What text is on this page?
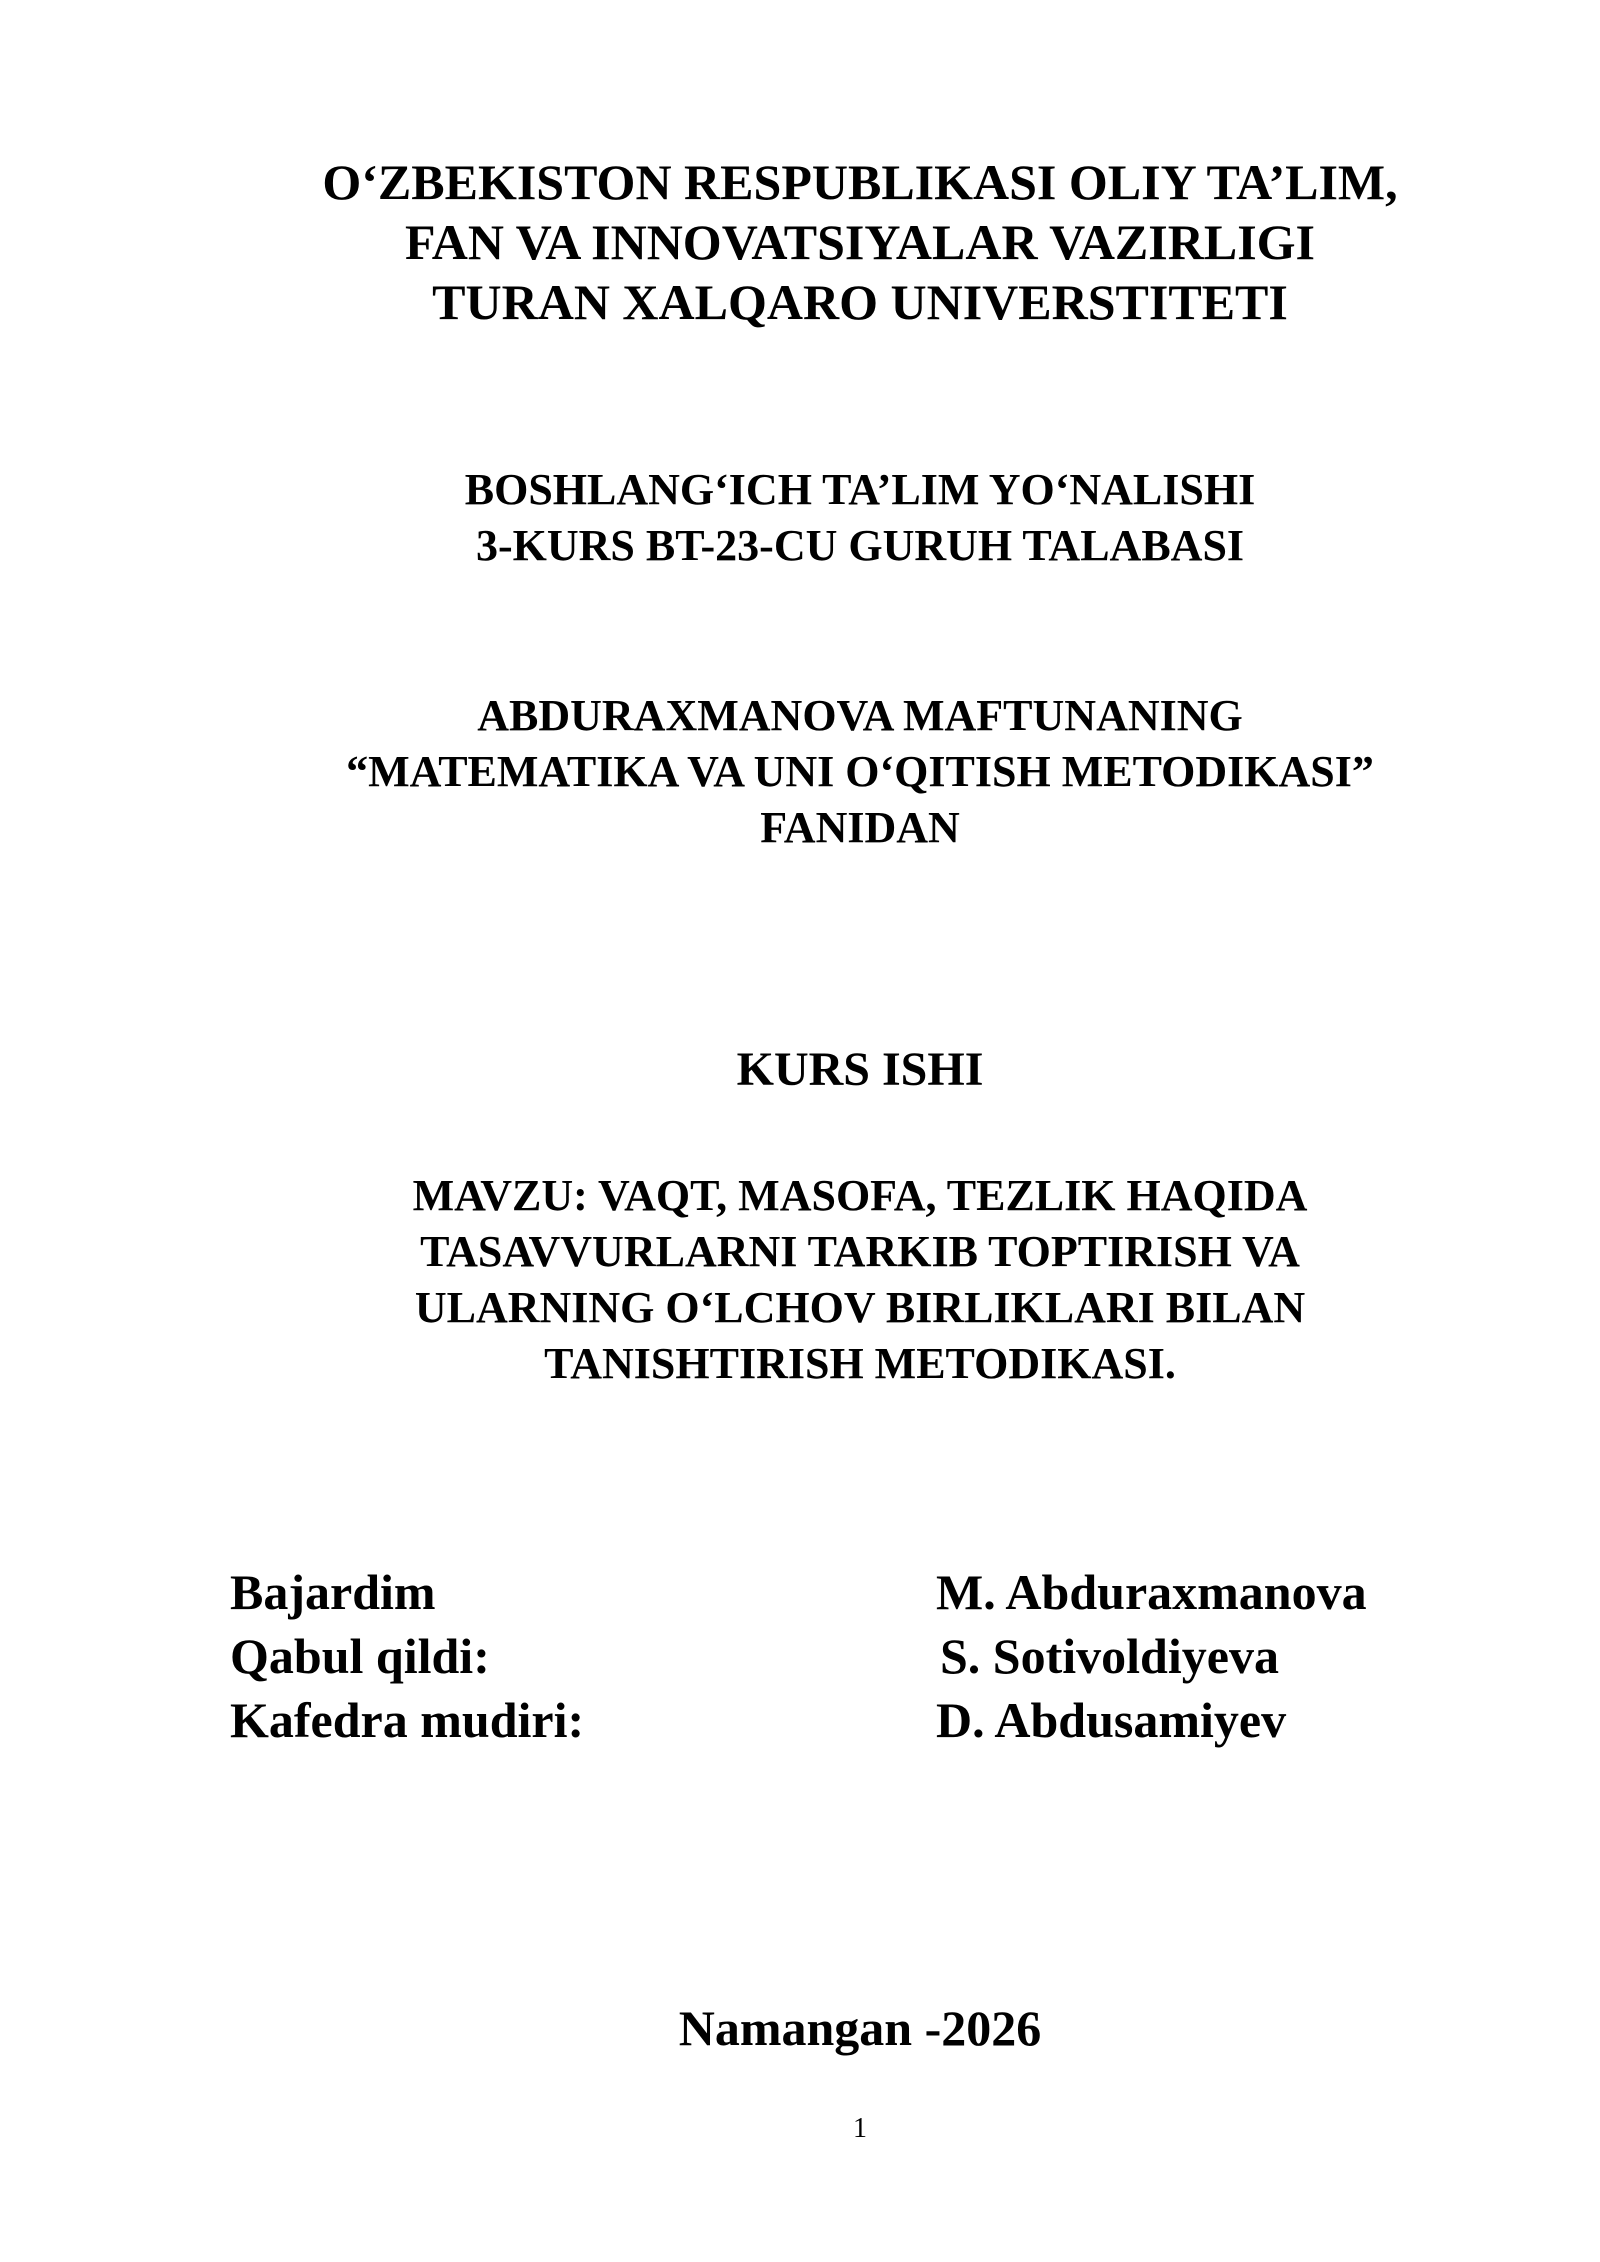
O‘ZBEKISTON RESPUBLIKASI OLIY TA’LIM,
FAN VA INNOVATSIYALAR VAZIRLIGI
TURAN XALQARO UNIVERSTITETI
BOSHLANG‘ICH TA’LIM YO‘NALISHI
3-KURS BT-23-CU GURUH TALABASI
ABDURAXMANOVA MAFTUNANING
“MATEMATIKA VA UNI O‘QITISH METODIKASI”
FANIDAN
KURS ISHI
MAVZU: VAQT, MASOFA, TEZLIK HAQIDA
TASAVVURLARNI TARKIB TOPTIRISH VA
ULARNING O‘LCHOV BIRLIKLARI BILAN
TANISHTIRISH METODIKASI.
Bajardim	M. Abduraxmanova
Qabul qildi:	S. Sotivoldiyeva
Kafedra mudiri:	D. Abdusamiyev
Namangan -2026
1
